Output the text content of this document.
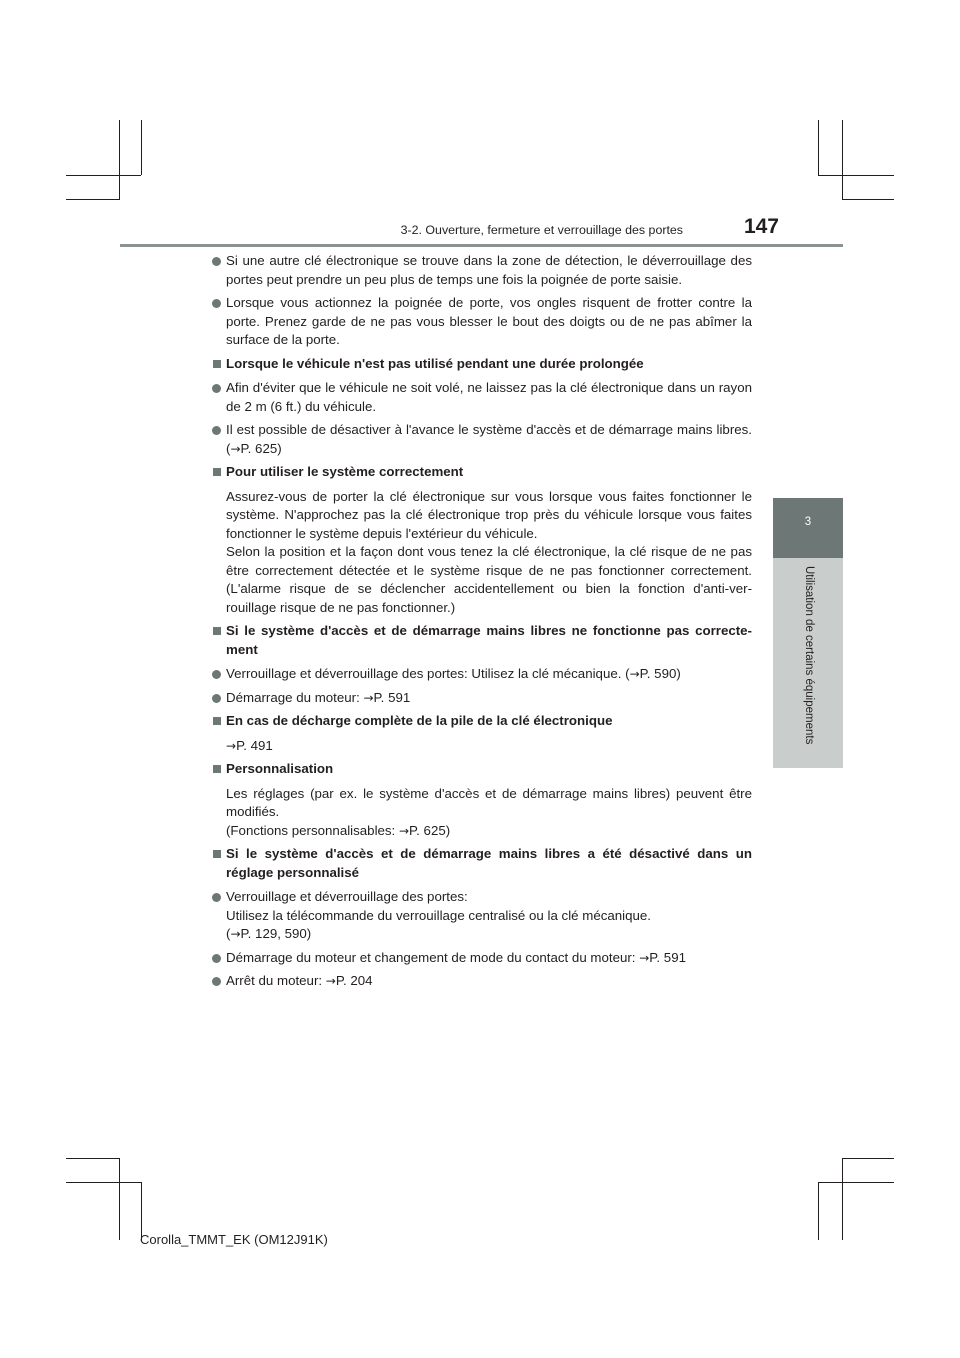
3-2. Ouverture, fermeture et verrouillage des portes	147
3
Utilisation de certains équipements
Si une autre clé électronique se trouve dans la zone de détection, le déverrouillage des portes peut prendre un peu plus de temps une fois la poignée de porte saisie.
Lorsque vous actionnez la poignée de porte, vos ongles risquent de frotter contre la porte. Prenez garde de ne pas vous blesser le bout des doigts ou de ne pas abîmer la surface de la porte.
Lorsque le véhicule n'est pas utilisé pendant une durée prolongée
Afin d'éviter que le véhicule ne soit volé, ne laissez pas la clé électronique dans un rayon de 2 m (6 ft.) du véhicule.
Il est possible de désactiver à l'avance le système d'accès et de démarrage mains libres. (→P. 625)
Pour utiliser le système correctement
Assurez-vous de porter la clé électronique sur vous lorsque vous faites fonctionner le système. N'approchez pas la clé électronique trop près du véhicule lorsque vous faites fonctionner le système depuis l'extérieur du véhicule.
Selon la position et la façon dont vous tenez la clé électronique, la clé risque de ne pas être correctement détectée et le système risque de ne pas fonctionner correctement. (L'alarme risque de se déclencher accidentellement ou bien la fonction d'anti-ver-rouillage risque de ne pas fonctionner.)
Si le système d'accès et de démarrage mains libres ne fonctionne pas correcte-ment
Verrouillage et déverrouillage des portes: Utilisez la clé mécanique. (→P. 590)
Démarrage du moteur: →P. 591
En cas de décharge complète de la pile de la clé électronique
→P. 491
Personnalisation
Les réglages (par ex. le système d'accès et de démarrage mains libres) peuvent être modifiés.
(Fonctions personnalisables: →P. 625)
Si le système d'accès et de démarrage mains libres a été désactivé dans un réglage personnalisé
Verrouillage et déverrouillage des portes:
Utilisez la télécommande du verrouillage centralisé ou la clé mécanique.
(→P. 129, 590)
Démarrage du moteur et changement de mode du contact du moteur: →P. 591
Arrêt du moteur: →P. 204
Corolla_TMMT_EK (OM12J91K)
